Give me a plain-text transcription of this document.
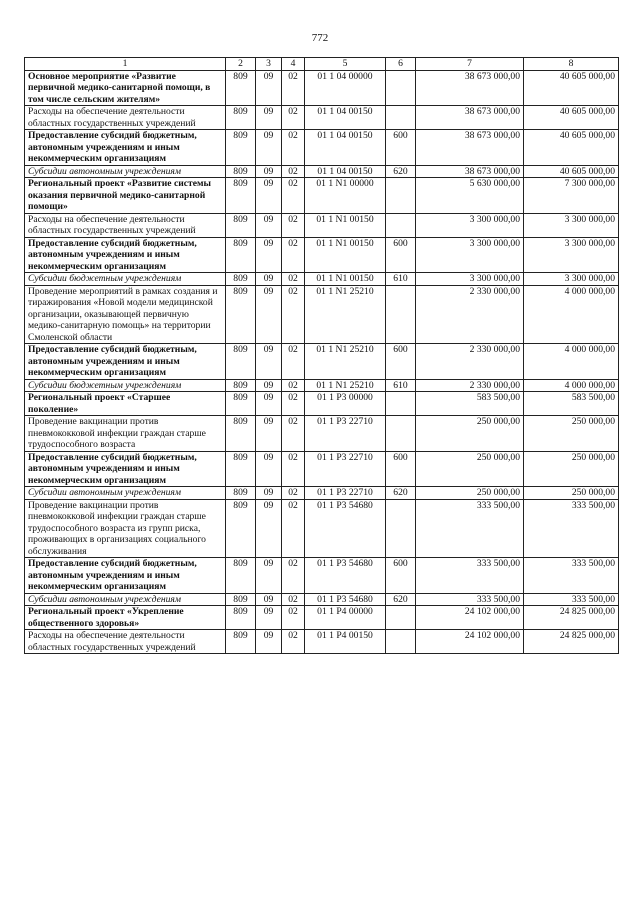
772
1	2	3	4	5	6	7	8
Основное мероприятие «Развитие первичной медико-санитарной помощи, в том числе сельским жителям»	809	09	02	01 1 04 00000		38 673 000,00	40 605 000,00
Расходы на обеспечение деятельности областных государственных учреждений	809	09	02	01 1 04 00150		38 673 000,00	40 605 000,00
Предоставление субсидий бюджетным, автономным учреждениям и иным некоммерческим организациям	809	09	02	01 1 04 00150	600	38 673 000,00	40 605 000,00
Субсидии автономным учреждениям	809	09	02	01 1 04 00150	620	38 673 000,00	40 605 000,00
Региональный проект «Развитие системы оказания первичной медико-санитарной помощи»	809	09	02	01 1 N1 00000		5 630 000,00	7 300 000,00
Расходы на обеспечение деятельности областных государственных учреждений	809	09	02	01 1 N1 00150		3 300 000,00	3 300 000,00
Предоставление субсидий бюджетным, автономным учреждениям и иным некоммерческим организациям	809	09	02	01 1 N1 00150	600	3 300 000,00	3 300 000,00
Субсидии бюджетным учреждениям	809	09	02	01 1 N1 00150	610	3 300 000,00	3 300 000,00
Проведение мероприятий в рамках создания и тиражирования «Новой модели медицинской организации, оказывающей первичную медико-санитарную помощь» на территории Смоленской области	809	09	02	01 1 N1 25210		2 330 000,00	4 000 000,00
Предоставление субсидий бюджетным, автономным учреждениям и иным некоммерческим организациям	809	09	02	01 1 N1 25210	600	2 330 000,00	4 000 000,00
Субсидии бюджетным учреждениям	809	09	02	01 1 N1 25210	610	2 330 000,00	4 000 000,00
Региональный проект «Старшее поколение»	809	09	02	01 1 P3 00000		583 500,00	583 500,00
Проведение вакцинации против пневмококковой инфекции граждан старше трудоспособного возраста	809	09	02	01 1 P3 22710		250 000,00	250 000,00
Предоставление субсидий бюджетным, автономным учреждениям и иным некоммерческим организациям	809	09	02	01 1 P3 22710	600	250 000,00	250 000,00
Субсидии автономным учреждениям	809	09	02	01 1 P3 22710	620	250 000,00	250 000,00
Проведение вакцинации против пневмококковой инфекции граждан старше трудоспособного возраста из групп риска, проживающих в организациях социального обслуживания	809	09	02	01 1 P3 54680		333 500,00	333 500,00
Предоставление субсидий бюджетным, автономным учреждениям и иным некоммерческим организациям	809	09	02	01 1 P3 54680	600	333 500,00	333 500,00
Субсидии автономным учреждениям	809	09	02	01 1 P3 54680	620	333 500,00	333 500,00
Региональный проект «Укрепление общественного здоровья»	809	09	02	01 1 P4 00000		24 102 000,00	24 825 000,00
Расходы на обеспечение деятельности областных государственных учреждений	809	09	02	01 1 P4 00150		24 102 000,00	24 825 000,00
